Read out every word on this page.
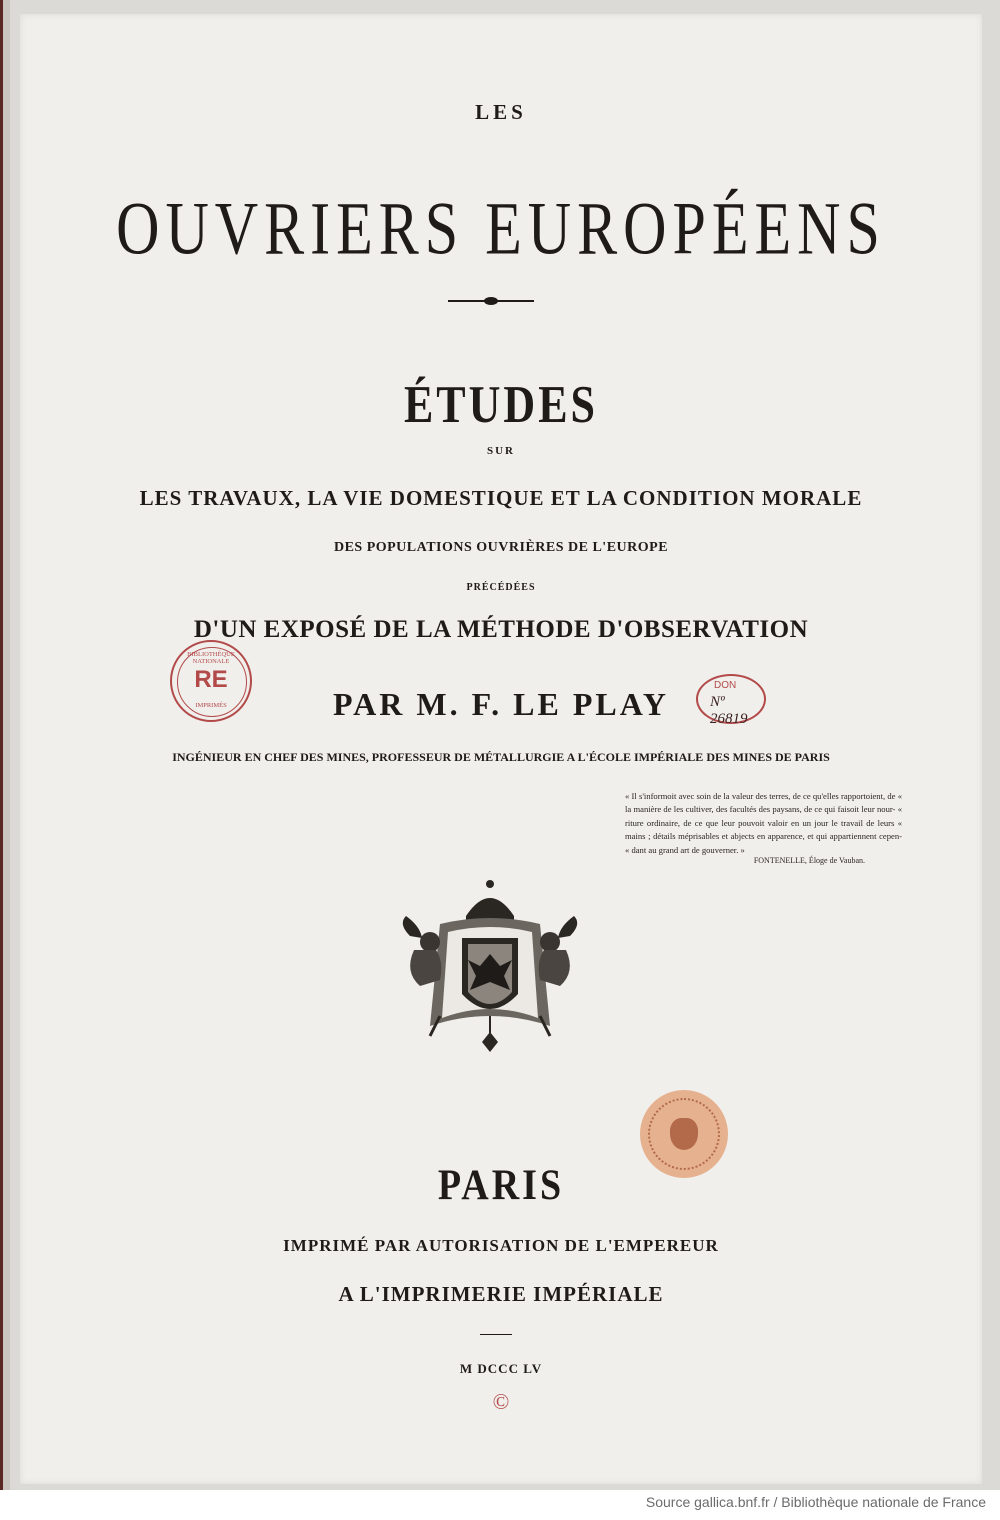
LES

OUVRIERS EUROPÉENS

ÉTUDES

SUR

LES TRAVAUX, LA VIE DOMESTIQUE ET LA CONDITION MORALE

DES POPULATIONS OUVRIÈRES DE L'EUROPE

PRÉCÉDÉES

D'UN EXPOSÉ DE LA MÉTHODE D'OBSERVATION

PAR M. F. LE PLAY

INGÉNIEUR EN CHEF DES MINES, PROFESSEUR DE MÉTALLURGIE A L'ÉCOLE IMPÉRIALE DES MINES DE PARIS

BIBLIOTHÈQUE NATIONALE
RE
IMPRIMÉS
DON
Nº 26819

« Il s'informoit avec soin de la valeur des terres, de ce qu'elles rapportoient, de « la manière de les cultiver, des facultés des paysans, de ce qui faisoit leur nour- « riture ordinaire, de ce que leur pouvoit valoir en un jour le travail de leurs « mains ; détails méprisables et abjects en apparence, et qui appartiennent cepen- « dant au grand art de gouverner. »

FONTENELLE, Éloge de Vauban.

PARIS

IMPRIMÉ PAR AUTORISATION DE L'EMPEREUR

A L'IMPRIMERIE IMPÉRIALE

M DCCC LV

©
Source gallica.bnf.fr / Bibliothèque nationale de France
